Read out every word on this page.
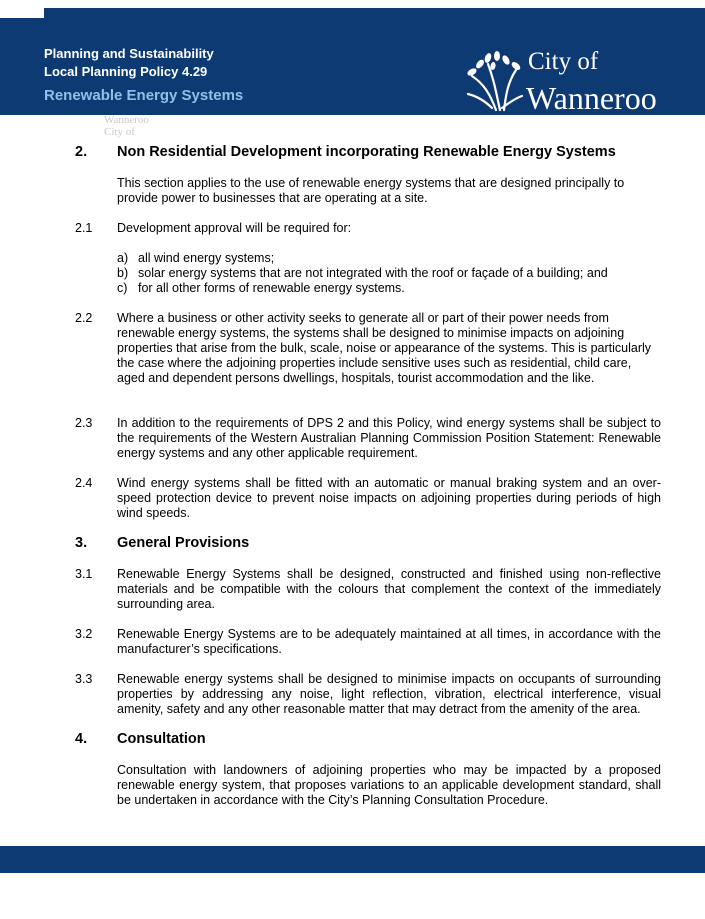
Planning and Sustainability
Local Planning Policy 4.29
Renewable Energy Systems
City of
Wanneroo
Wanneroo
City of
2. Non Residential Development incorporating Renewable Energy Systems
This section applies to the use of renewable energy systems that are designed principally to provide power to businesses that are operating at a site.
2.1 Development approval will be required for:
a) all wind energy systems;
b) solar energy systems that are not integrated with the roof or façade of a building; and
c) for all other forms of renewable energy systems.
2.2 Where a business or other activity seeks to generate all or part of their power needs from renewable energy systems, the systems shall be designed to minimise impacts on adjoining properties that arise from the bulk, scale, noise or appearance of the systems. This is particularly the case where the adjoining properties include sensitive uses such as residential, child care, aged and dependent persons dwellings, hospitals, tourist accommodation and the like.
2.3 In addition to the requirements of DPS 2 and this Policy, wind energy systems shall be subject to the requirements of the Western Australian Planning Commission Position Statement: Renewable energy systems and any other applicable requirement.
2.4 Wind energy systems shall be fitted with an automatic or manual braking system and an over-speed protection device to prevent noise impacts on adjoining properties during periods of high wind speeds.
3. General Provisions
3.1 Renewable Energy Systems shall be designed, constructed and finished using non-reflective materials and be compatible with the colours that complement the context of the immediately surrounding area.
3.2 Renewable Energy Systems are to be adequately maintained at all times, in accordance with the manufacturer’s specifications.
3.3 Renewable energy systems shall be designed to minimise impacts on occupants of surrounding properties by addressing any noise, light reflection, vibration, electrical interference, visual amenity, safety and any other reasonable matter that may detract from the amenity of the area.
4. Consultation
Consultation with landowners of adjoining properties who may be impacted by a proposed renewable energy system, that proposes variations to an applicable development standard, shall be undertaken in accordance with the City’s Planning Consultation Procedure.
